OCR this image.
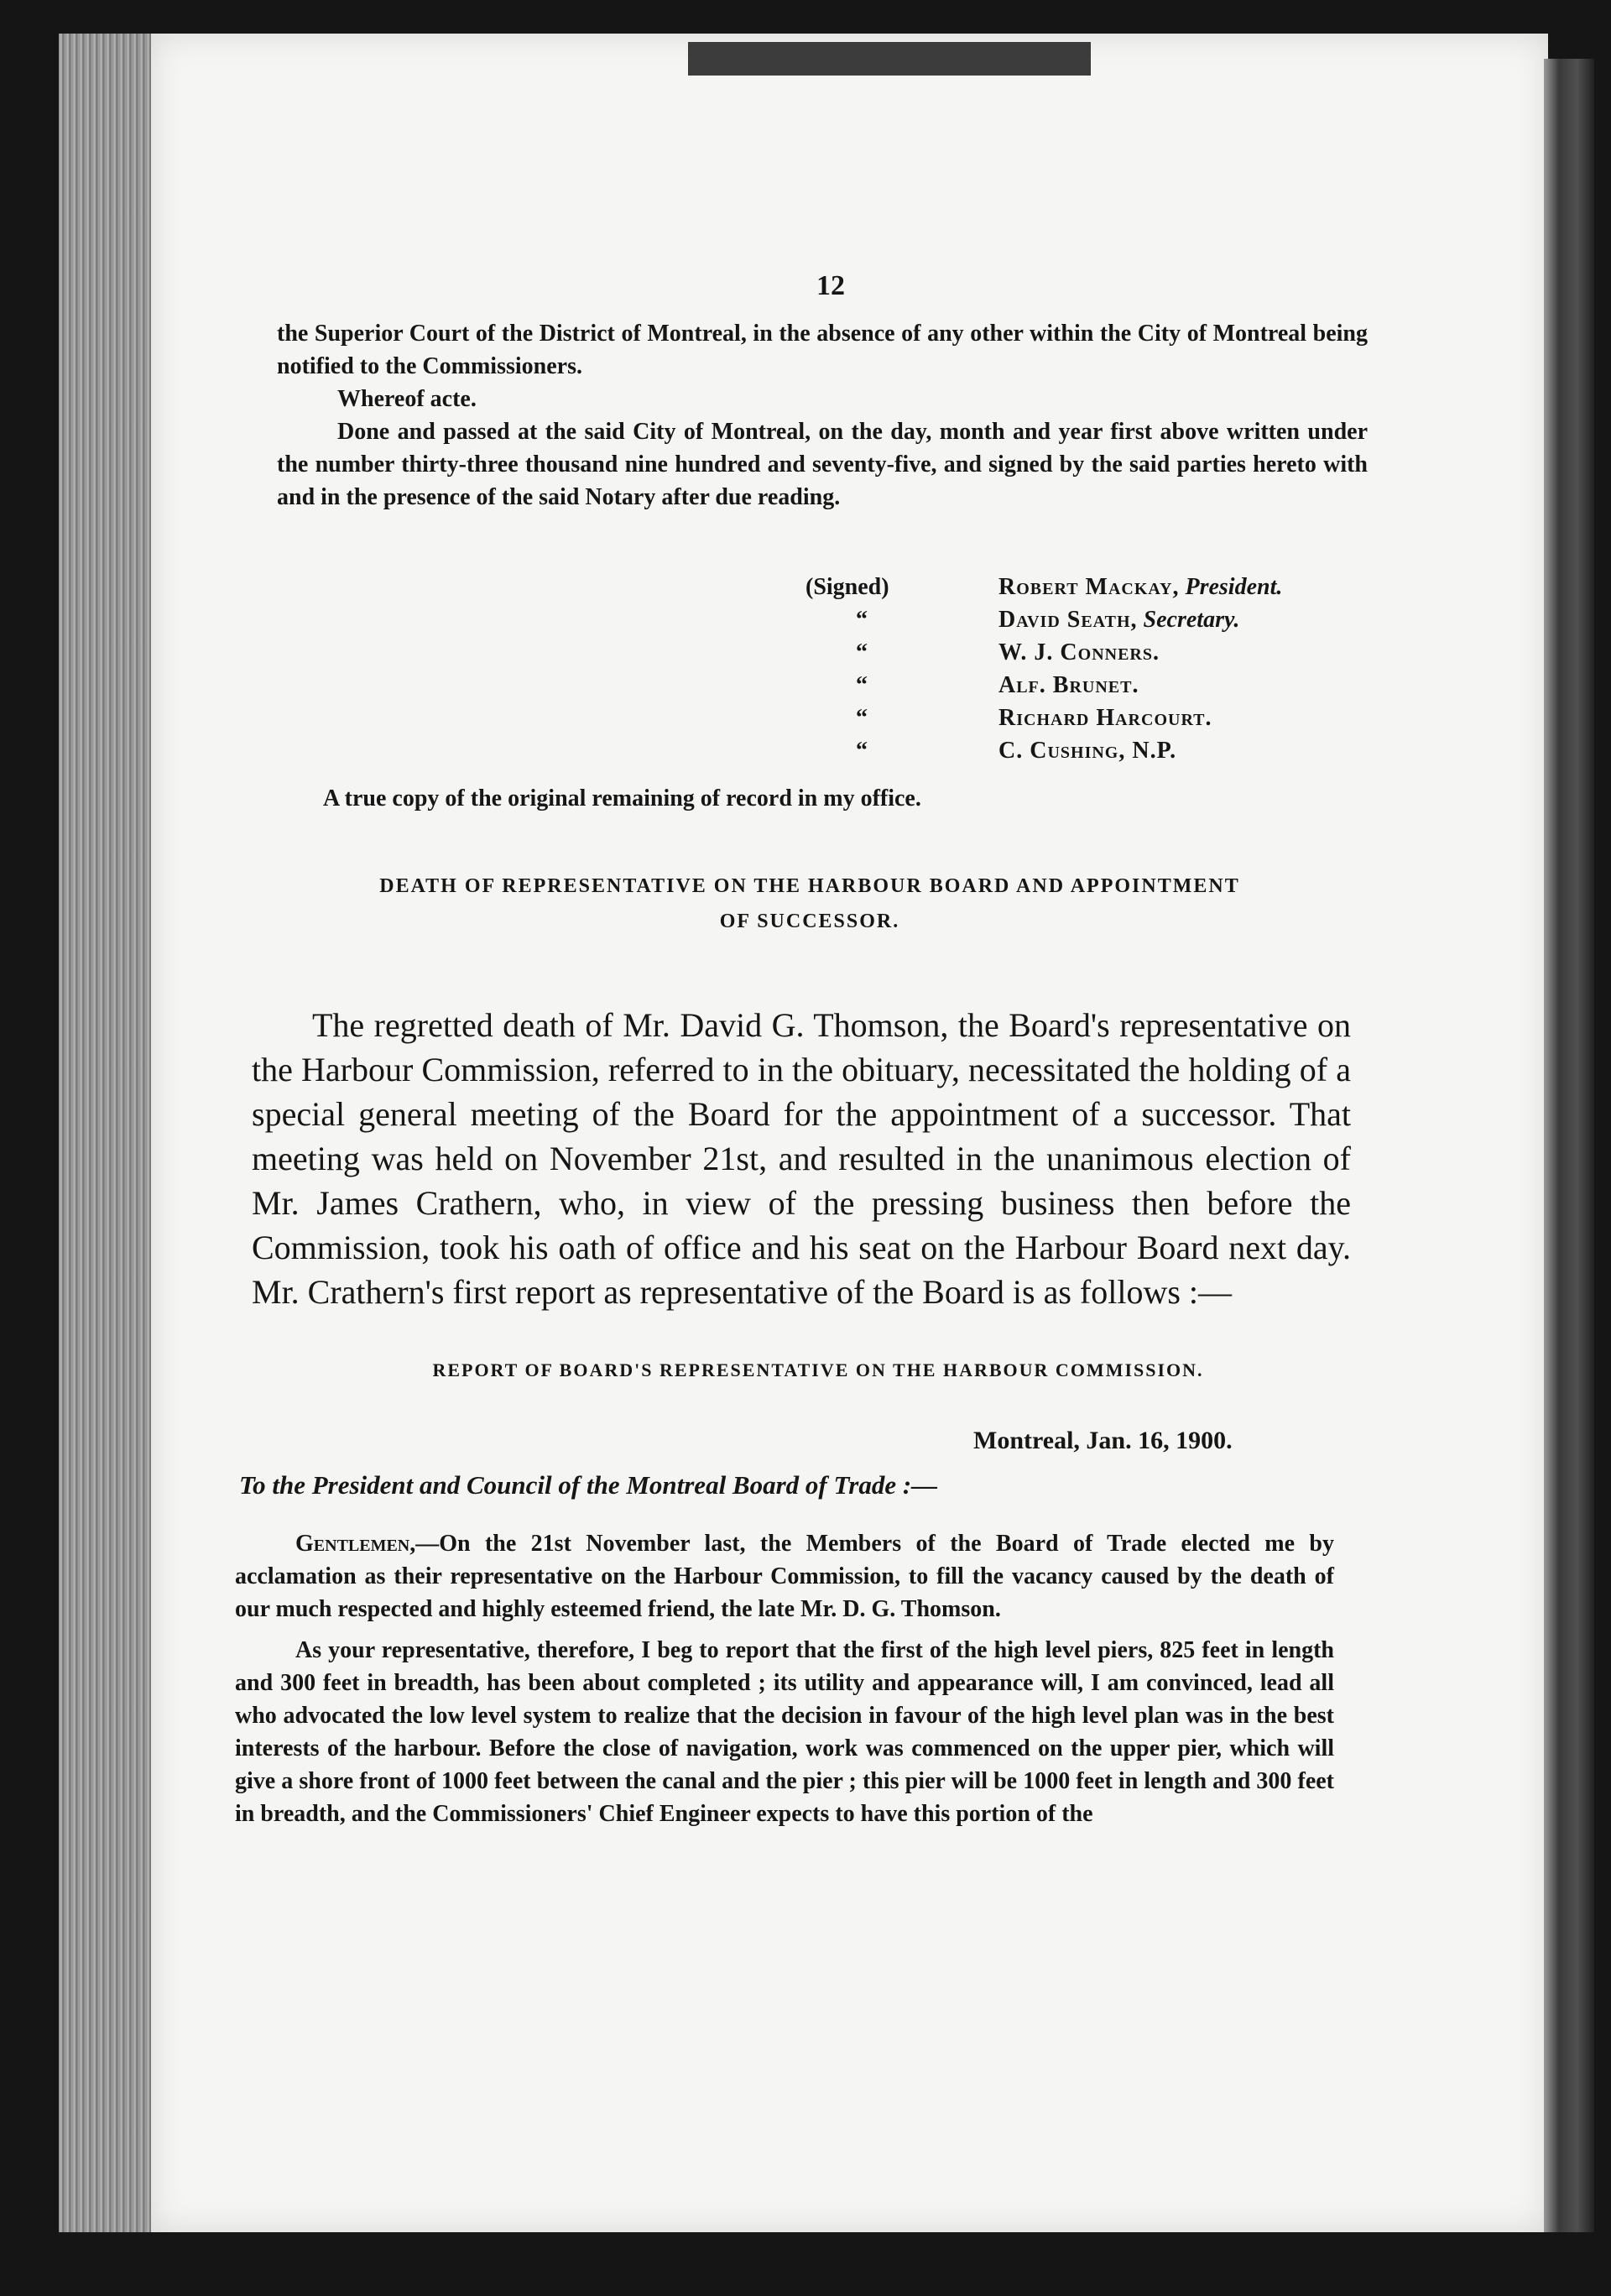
12

the Superior Court of the District of Montreal, in the absence of any other within the City of Montreal being notified to the Commissioners.

Whereof acte.

Done and passed at the said City of Montreal, on the day, month and year first above written under the number thirty-three thousand nine hundred and seventy-five, and signed by the said parties hereto with and in the presence of the said Notary after due reading.

(Signed)	Robert Mackay, President.
“	David Seath, Secretary.
“	W. J. Conners.
“	Alf. Brunet.
“	Richard Harcourt.
“	C. Cushing, N.P.
A true copy of the original remaining of record in my office.
DEATH OF REPRESENTATIVE ON THE HARBOUR BOARD AND APPOINTMENT
OF SUCCESSOR.

The regretted death of Mr. David G. Thomson, the Board's representative on the Harbour Commission, referred to in the obituary, necessitated the holding of a special general meeting of the Board for the appointment of a successor. That meeting was held on November 21st, and resulted in the unanimous election of Mr. James Crathern, who, in view of the pressing business then before the Commission, took his oath of office and his seat on the Harbour Board next day. Mr. Crathern's first report as representative of the Board is as follows :—

REPORT OF BOARD'S REPRESENTATIVE ON THE HARBOUR COMMISSION.
Montreal, Jan. 16, 1900.
To the President and Council of the Montreal Board of Trade :—

Gentlemen,—On the 21st November last, the Members of the Board of Trade elected me by acclamation as their representative on the Harbour Commission, to fill the vacancy caused by the death of our much respected and highly esteemed friend, the late Mr. D. G. Thomson.

As your representative, therefore, I beg to report that the first of the high level piers, 825 feet in length and 300 feet in breadth, has been about completed ; its utility and appearance will, I am convinced, lead all who advocated the low level system to realize that the decision in favour of the high level plan was in the best interests of the harbour. Before the close of navigation, work was commenced on the upper pier, which will give a shore front of 1000 feet between the canal and the pier ; this pier will be 1000 feet in length and 300 feet in breadth, and the Commissioners' Chief Engineer expects to have this portion of the
